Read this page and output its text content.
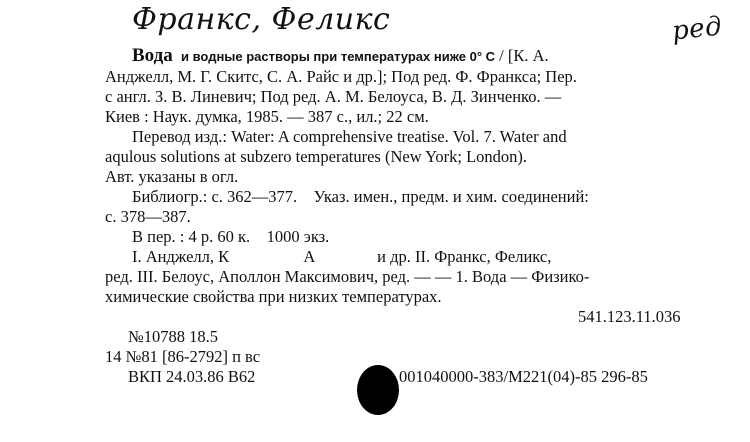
Франкс, Феликс	ред
Вода и водные растворы при температурах ниже 0° С / [К. А.
Анджелл, М. Г. Скитс, С. А. Райс и др.]; Под ред. Ф. Франкса; Пер.
с англ. З. В. Линевич; Под ред. А. М. Белоуса, В. Д. Зинченко. —
Киев : Наук. думка, 1985. — 387 с., ил.; 22 см.
Перевод изд.: Water: A comprehensive treatise. Vol. 7. Water and
aqulous solutions at subzero temperatures (New York; London).
Авт. указаны в огл.
Библиогр.: с. 362—377.    Указ. имен., предм. и хим. соединений:
с. 378—387.
В пер. : 4 р. 60 к.    1000 экз.
I. Анджелл, К                  А               и др. II. Франкс, Феликс,
ред. III. Белоус, Аполлон Максимович, ред. — — 1. Вода — Физико-
химические свойства при низких температурах.
541.123.11.036
№10788 18.5
14 №81 [86-2792] п вс
ВКП 24.03.86 В62	001040000-383/М221(04)-85 296-85
